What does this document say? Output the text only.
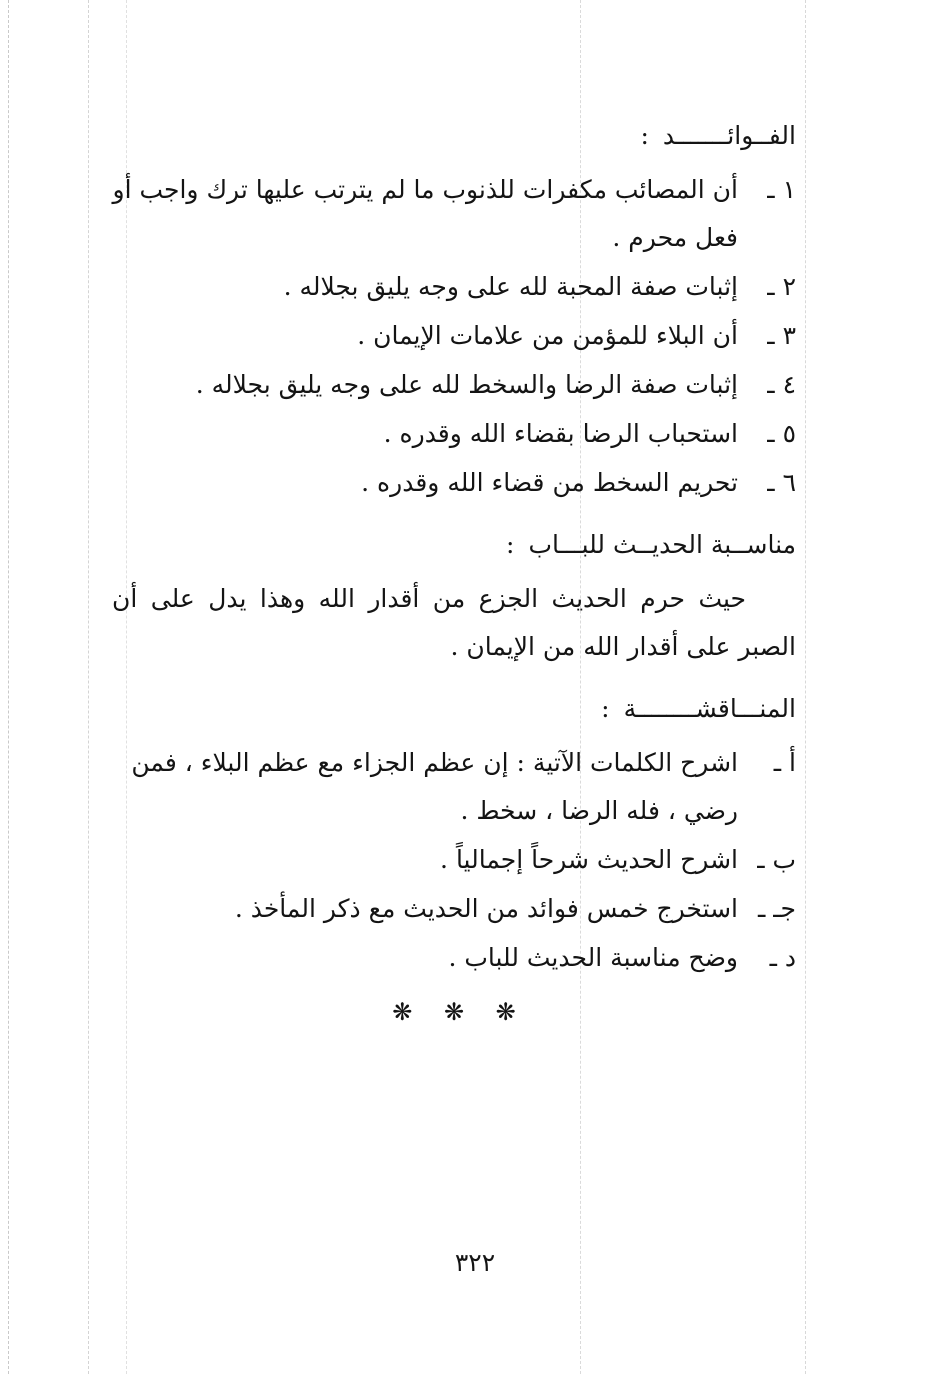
الفــوائـــــــد:
١ ـ
أن المصائب مكفرات للذنوب ما لم يترتب عليها ترك واجب أو فعل محرم .
٢ ـ
إثبات صفة المحبة لله على وجه يليق بجلاله .
٣ ـ
أن البلاء للمؤمن من علامات الإيمان .
٤ ـ
إثبات صفة الرضا والسخط لله على وجه يليق بجلاله .
٥ ـ
استحباب الرضا بقضاء الله وقدره .
٦ ـ
تحريم السخط من قضاء الله وقدره .
مناســبة الحديــث للبـــاب:

حيث حرم الحديث الجزع من أقدار الله وهذا يدل على أن الصبر على أقدار الله من الإيمان .

المنـــاقشــــــــة:
أ ـ
اشرح الكلمات الآتية : إن عظم الجزاء مع عظم البلاء ، فمن رضي ، فله الرضا ، سخط .
ب ـ
اشرح الحديث شرحاً إجمالياً .
جـ ـ
استخرج خمس فوائد من الحديث مع ذكر المأخذ .
د ـ
وضح مناسبة الحديث للباب .
❋ ❋ ❋
٣٢٢
